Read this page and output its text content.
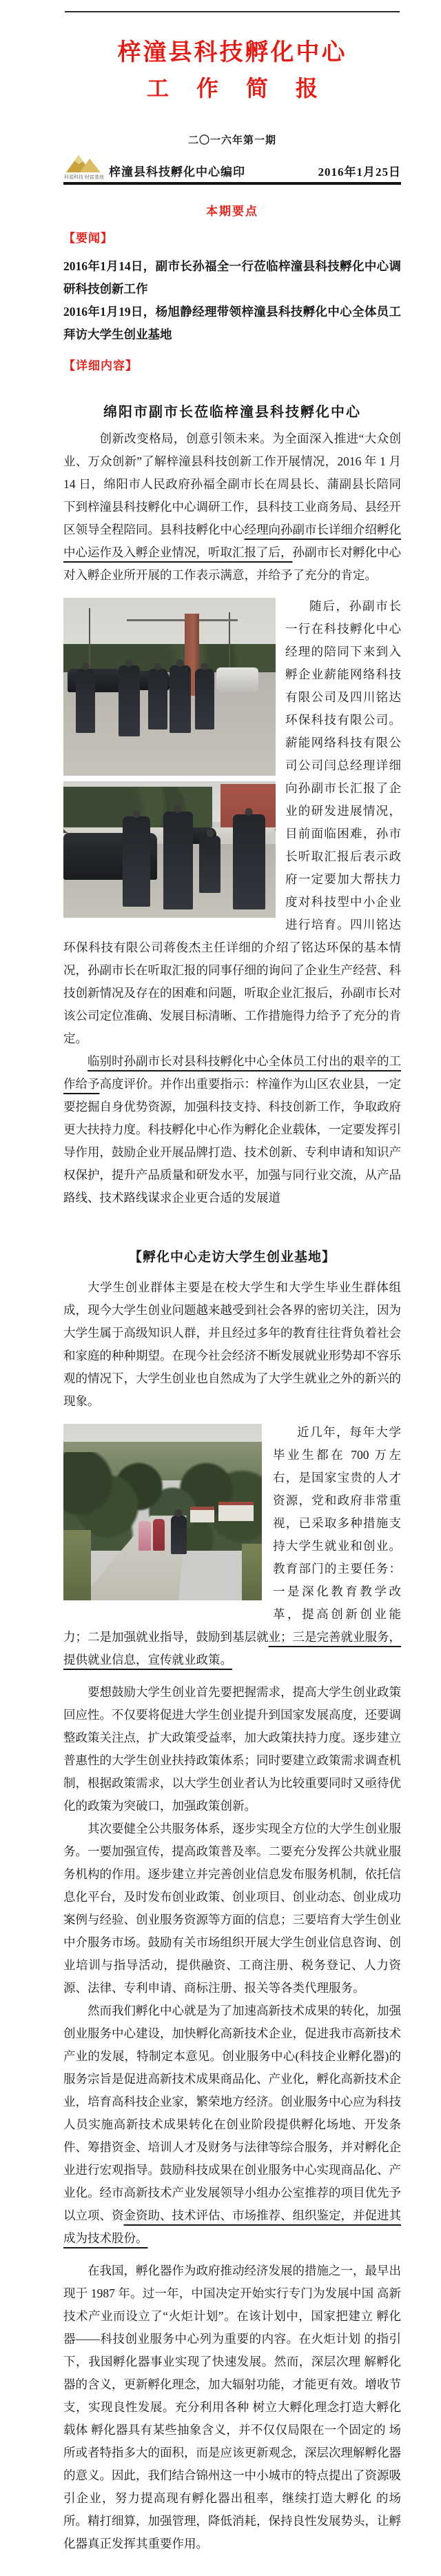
梓潼县科技孵化中心
工 作 简 报
二〇一六年第一期
科源科技 财富基地 梓潼县科技孵化中心编印	2016年1月25日
本期要点
【要闻】
2016年1月14日，副市长孙福全一行莅临梓潼县科技孵化中心调研科技创新工作
2016年1月19日，杨旭静经理带领梓潼县科技孵化中心全体员工拜访大学生创业基地
【详细内容】
绵阳市副市长莅临梓潼县科技孵化中心

创新改变格局，创意引领未来。为全面深入推进“大众创业、万众创新”了解梓潼县科技创新工作开展情况，2016 年 1 月 14 日，绵阳市人民政府孙福全副市长在周县长、蒲副县长陪同下到梓潼县科技孵化中心调研工作，县科技工业商务局、县经开区领导全程陪同。县科技孵化中心经理向孙副市长详细介绍孵化中心运作及入孵企业情况，听取汇报了后，孙副市长对孵化中心对入孵企业所开展的工作表示满意，并给予了充分的肯定。

随后，孙副市长一行在科技孵化中心经理的陪同下来到入孵企业薪能网络科技有限公司及四川铭达环保科技有限公司。薪能网络科技有限公司公司闫总经理详细向孙副市长汇报了企业的研发进展情况，目前面临困难，孙市长听取汇报后表示政府一定要加大帮扶力度对科技型中小企业进行培育。四川铭达环保科技有限公司蒋俊杰主任详细的介绍了铭达环保的基本情况，孙副市长在听取汇报的同事仔细的询问了企业生产经营、科技创新情况及存在的困难和问题，听取企业汇报后，孙副市长对该公司定位准确、发展目标清晰、工作措施得力给予了充分的肯定。

临别时孙副市长对县科技孵化中心全体员工付出的艰辛的工作给予高度评价。并作出重要指示：梓潼作为山区农业县，一定要挖掘自身优势资源，加强科技支持、科技创新工作，争取政府更大扶持力度。科技孵化中心作为孵化企业载体，一定要发挥引导作用，鼓励企业开展品牌打造、技术创新、专利申请和知识产权保护，提升产品质量和研发水平，加强与同行业交流，从产品路线、技术路线谋求企业更合适的发展道

【孵化中心走访大学生创业基地】

大学生创业群体主要是在校大学生和大学生毕业生群体组成，现今大学生创业问题越来越受到社会各界的密切关注，因为大学生属于高级知识人群，并且经过多年的教育往往背负着社会和家庭的种种期望。在现今社会经济不断发展就业形势却不容乐观的情况下，大学生创业也自然成为了大学生就业之外的新兴的现象。

近几年，每年大学毕业生都在 700 万左右，是国家宝贵的人才资源，党和政府非常重视，已采取多种措施支持大学生就业和创业。教育部门的主要任务：一是深化教育教学改革，提高创新创业能力；二是加强就业指导，鼓励到基层就业；三是完善就业服务，提供就业信息，宣传就业政策。

要想鼓励大学生创业首先要把握需求，提高大学生创业政策回应性。不仅要将促进大学生创业提升到国家发展高度，还要调整政策关注点，扩大政策受益率，加大政策扶持力度。逐步建立普惠性的大学生创业扶持政策体系；同时要建立政策需求调查机制，根据政策需求，以大学生创业者认为比较重要同时又亟待优化的政策为突破口，加强政策创新。

其次要健全公共服务体系，逐步实现全方位的大学生创业服务。一要加强宣传，提高政策普及率。二要充分发挥公共就业服务机构的作用。逐步建立并完善创业信息发布服务机制，依托信息化平台，及时发布创业政策、创业项目、创业动态、创业成功案例与经验、创业服务资源等方面的信息；三要培育大学生创业中介服务市场。鼓励有关市场组织开展大学生创业信息咨询、创业培训与指导活动，提供融资、工商注册、税务登记、人力资源、法律、专利申请、商标注册、报关等各类代理服务。

然而我们孵化中心就是为了加速高新技术成果的转化，加强创业服务中心建设，加快孵化高新技术企业，促进我市高新技术产业的发展，特制定本意见。创业服务中心(科技企业孵化器)的服务宗旨是促进高新技术成果商品化、产业化，孵化高新技术企业，培育高科技企业家，繁荣地方经济。创业服务中心应为科技人员实施高新技术成果转化在创业阶段提供孵化场地、开发条件、筹措资金、培训人才及财务与法律等综合服务，并对孵化企业进行宏观指导。鼓励科技成果在创业服务中心实现商品化、产业化。经市高新技术产业发展领导小组办公室推荐的项目优先予以立项、资金资助、技术评估、市场推荐、组织鉴定，并促进其成为技术股份。

在我国，孵化器作为政府推动经济发展的措施之一，最早出现于 1987 年。过一年，中国决定开始实行专门为发展中国 高新技术产业而设立了“火炬计划”。在该计划中，国家把建立 孵化器——科技创业服务中心列为重要的内容。在火炬计划 的指引下，我国孵化器事业实现了快速发展。然而，深层次理 解孵化器的含义，更新孵化理念，加大辐射功能，才能更有效。增收节支，实现良性发展。充分利用各种 树立大孵化理念打造大孵化载体 孵化器具有某些抽象含义，并不仅仅局限在一个固定的 场所或者特指多大的面积，而是应该更新观念，深层次理解孵化器的意义。因此，我们结合锦州这一中小城市的特点提出了资源吸引企业，努力提高现有孵化器出租率，继续打造大孵化 的场所。精打细算，加强管理，降低消耗，保持良性发展势头，让孵化器真正发挥其重要作用。
